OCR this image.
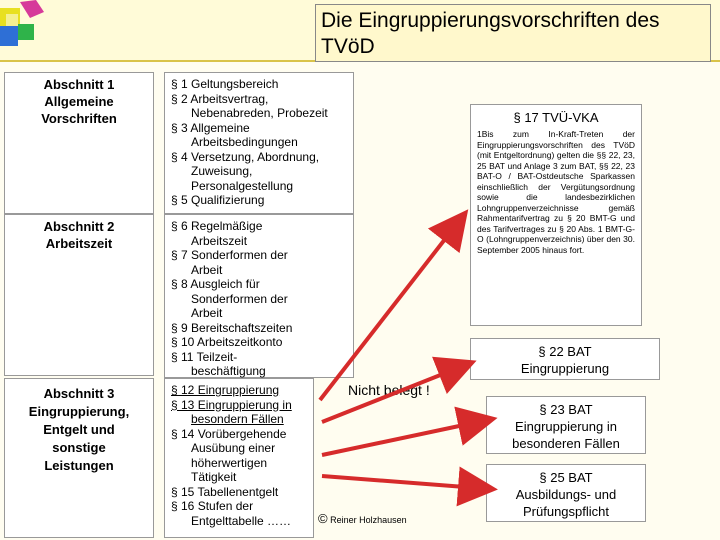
Die Eingruppierungsvorschriften des TVöD
Abschnitt 1
Allgemeine
Vorschriften
Abschnitt 2
Arbeitszeit
Abschnitt 3
Eingruppierung,
Entgelt und
sonstige
Leistungen
§ 1 Geltungsbereich
§ 2 Arbeitsvertrag,
Nebenabreden, Probezeit
§ 3 Allgemeine
Arbeitsbedingungen
§ 4 Versetzung, Abordnung,
Zuweisung,
Personalgestellung
§ 5 Qualifizierung
§ 6 Regelmäßige
Arbeitszeit
§ 7 Sonderformen der
Arbeit
§ 8 Ausgleich für
Sonderformen der
Arbeit
§ 9 Bereitschaftszeiten
§ 10 Arbeitszeitkonto
§ 11 Teilzeit-
beschäftigung
§ 12 Eingruppierung
§ 13 Eingruppierung in
besondern Fällen
§ 14 Vorübergehende
Ausübung einer
höherwertigen
Tätigkeit
§ 15 Tabellenentgelt
§ 16 Stufen der
Entgelttabelle ……
§ 17 TVÜ-VKA
1Bis zum In-Kraft-Treten der Eingruppierungsvorschriften des TVöD (mit Entgeltordnung) gelten die §§ 22, 23, 25 BAT und Anlage 3 zum BAT, §§ 22, 23 BAT-O / BAT-Ostdeutsche Sparkassen einschließlich der Vergütungsordnung sowie die landesbezirklichen Lohngruppenverzeichnisse gemäß Rahmentarifvertrag zu § 20 BMT-G und des Tarifvertrages zu § 20 Abs. 1 BMT-G-O (Lohngruppenverzeichnis) über den 30. September 2005 hinaus fort.
§ 22 BAT
Eingruppierung
§ 23 BAT
Eingruppierung in
besonderen Fällen
§ 25 BAT
Ausbildungs- und
Prüfungspflicht
Nicht belegt !
© Reiner Holzhausen
